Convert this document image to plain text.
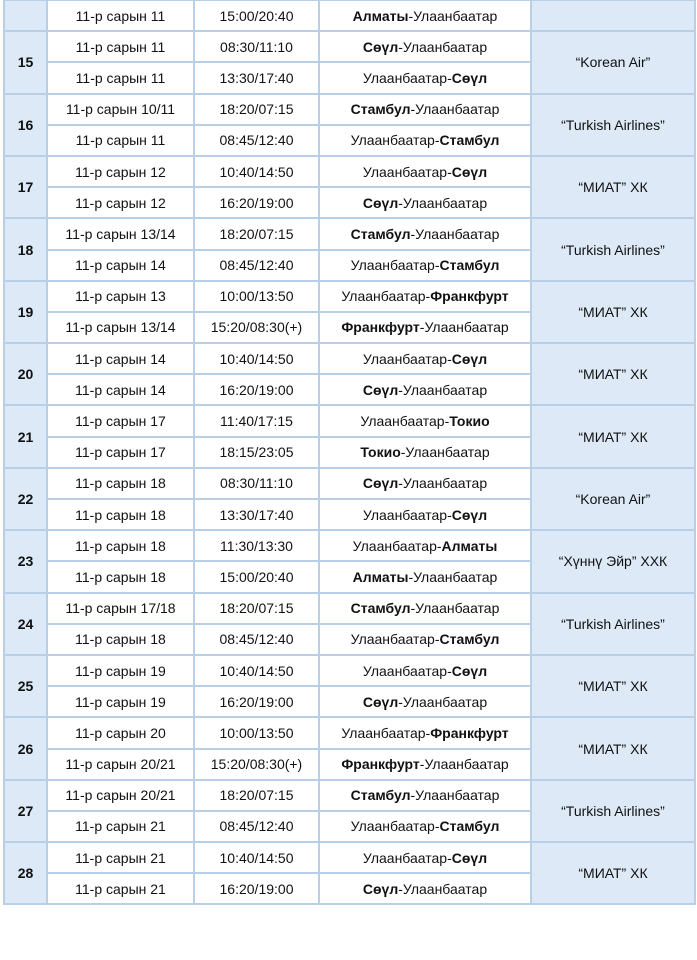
	11-р сарын 11	15:00/20:40	Алматы-Улаанбаатар	
15	11-р сарын 11	08:30/11:10	Сөүл-Улаанбаатар	“Korean Air”
	11-р сарын 11	13:30/17:40	Улаанбаатар-Сөүл	
16	11-р сарын 10/11	18:20/07:15	Стамбул-Улаанбаатар	“Turkish Airlines”
	11-р сарын 11	08:45/12:40	Улаанбаатар-Стамбул	
17	11-р сарын 12	10:40/14:50	Улаанбаатар-Сөүл	“МИАТ” ХК
	11-р сарын 12	16:20/19:00	Сөүл-Улаанбаатар	
18	11-р сарын 13/14	18:20/07:15	Стамбул-Улаанбаатар	“Turkish Airlines”
	11-р сарын 14	08:45/12:40	Улаанбаатар-Стамбул	
19	11-р сарын 13	10:00/13:50	Улаанбаатар-Франкфурт	“МИАТ” ХК
	11-р сарын 13/14	15:20/08:30(+)	Франкфурт-Улаанбаатар	
20	11-р сарын 14	10:40/14:50	Улаанбаатар-Сөүл	“МИАТ” ХК
	11-р сарын 14	16:20/19:00	Сөүл-Улаанбаатар	
21	11-р сарын 17	11:40/17:15	Улаанбаатар-Токио	“МИАТ” ХК
	11-р сарын 17	18:15/23:05	Токио-Улаанбаатар	
22	11-р сарын 18	08:30/11:10	Сөүл-Улаанбаатар	“Korean Air”
	11-р сарын 18	13:30/17:40	Улаанбаатар-Сөүл	
23	11-р сарын 18	11:30/13:30	Улаанбаатар-Алматы	“Хүннү Эйр” ХХК
	11-р сарын 18	15:00/20:40	Алматы-Улаанбаатар	
24	11-р сарын 17/18	18:20/07:15	Стамбул-Улаанбаатар	“Turkish Airlines”
	11-р сарын 18	08:45/12:40	Улаанбаатар-Стамбул	
25	11-р сарын 19	10:40/14:50	Улаанбаатар-Сөүл	“МИАТ” ХК
	11-р сарын 19	16:20/19:00	Сөүл-Улаанбаатар	
26	11-р сарын 20	10:00/13:50	Улаанбаатар-Франкфурт	“МИАТ” ХК
	11-р сарын 20/21	15:20/08:30(+)	Франкфурт-Улаанбаатар	
27	11-р сарын 20/21	18:20/07:15	Стамбул-Улаанбаатар	“Turkish Airlines”
	11-р сарын 21	08:45/12:40	Улаанбаатар-Стамбул	
28	11-р сарын 21	10:40/14:50	Улаанбаатар-Сөүл	“МИАТ” ХК
	11-р сарын 21	16:20/19:00	Сөүл-Улаанбаатар	
